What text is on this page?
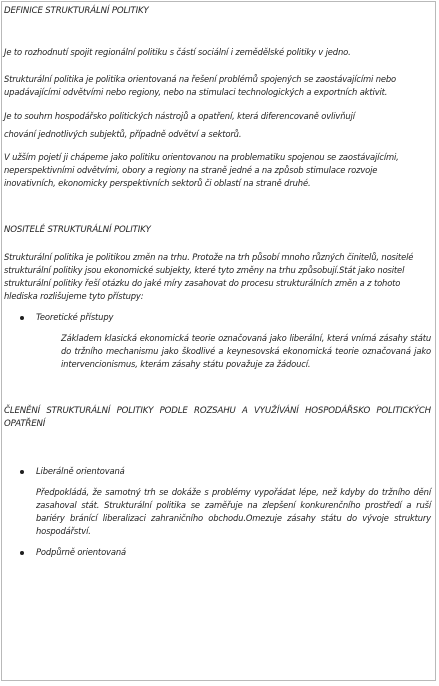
DEFINICE STRUKTURÁLNÍ POLITIKY

Je to rozhodnutí spojit regionální politiku s částí sociální i zemědělské politiky v jedno.

Strukturální politika je politika orientovaná na řešení problémů spojených se zaostávajícími nebo upadávajícími odvětvími nebo regiony, nebo na stimulaci technologických a exportních aktivit.

Je to souhrn hospodářsko politických nástrojů a opatření, která diferencovaně ovlivňují

chování jednotlivých subjektů, případně odvětví a sektorů.

V užším pojetí ji chápeme jako politiku orientovanou na problematiku spojenou se zaostávajícími, neperspektivními odvětvími, obory a regiony na straně jedné a na způsob stimulace rozvoje inovativních, ekonomicky perspektivních sektorů či oblastí na straně druhé.

NOSITELÉ STRUKTURÁLNÍ POLITIKY

Strukturální politika je politikou změn na trhu. Protože na trh působí mnoho různých činitelů, nositelé strukturální politiky jsou ekonomické subjekty, které tyto změny na trhu způsobují.Stát jako nositel strukturální politiky řeší otázku do jaké míry zasahovat do procesu strukturálních změn a z tohoto hlediska rozlišujeme tyto přístupy:

Teoretické přístupy

Základem klasická ekonomická teorie označovaná jako liberální, která vnímá zásahy státu do tržního mechanismu jako škodlivé a keynesovská ekonomická teorie označovaná jako intervencionismus, kterám zásahy státu považuje za žádoucí.

ČLENĚNÍ STRUKTURÁLNÍ POLITIKY PODLE ROZSAHU A VYUŽÍVÁNÍ HOSPODÁŘSKO POLITICKÝCH OPATŘENÍ
Liberálně orientovaná

Předpokládá, že samotný trh se dokáže s problémy vypořádat lépe, než kdyby do tržního dění zasahoval stát. Strukturální politika se zaměřuje na zlepšení konkurenčního prostředí a ruší bariéry bránící liberalizaci zahraničního obchodu.Omezuje zásahy státu do vývoje struktury hospodářství.

Podpůrně orientovaná
